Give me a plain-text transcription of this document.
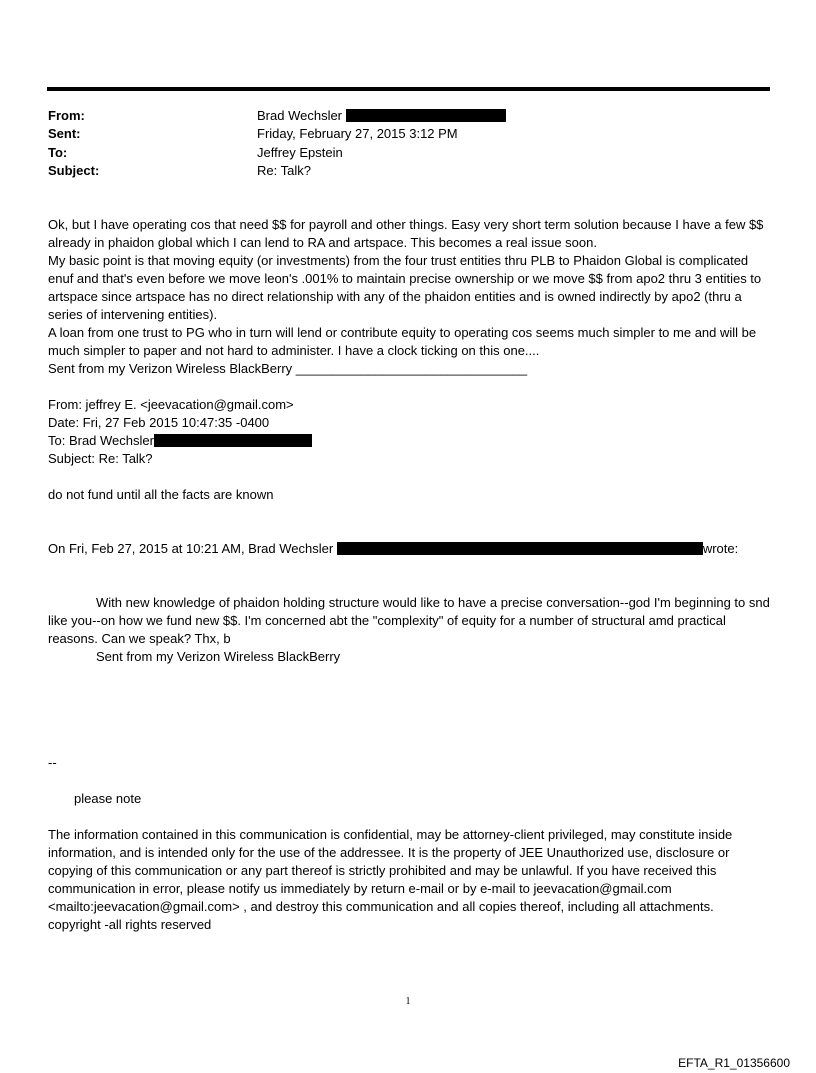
From:	Brad Wechsler
Sent:	Friday, February 27, 2015 3:12 PM
To:	Jeffrey Epstein
Subject:	Re: Talk?
Ok, but I have operating cos that need $$ for payroll and other things. Easy very short term solution because I have a few $$ already in phaidon global which I can lend to RA and artspace. This becomes a real issue soon.
My basic point is that moving equity (or investments) from the four trust entities thru PLB to Phaidon Global is complicated enuf and that's even before we move leon's .001% to maintain precise ownership or we move $$ from apo2 thru 3 entities to artspace since artspace has no direct relationship with any of the phaidon entities and is owned indirectly by apo2 (thru a series of intervening entities).
A loan from one trust to PG who in turn will lend or contribute equity to operating cos seems much simpler to me and will be much simpler to paper and not hard to administer. I have a clock ticking on this one....
Sent from my Verizon Wireless BlackBerry ________________________________
From: jeffrey E. <jeevacation@gmail.com>
Date: Fri, 27 Feb 2015 10:47:35 -0400
To: Brad Wechsler
Subject: Re: Talk?
do not fund until all the facts are known
On Fri, Feb 27, 2015 at 10:21 AM, Brad Wechsler	wrote:
With new knowledge of phaidon holding structure would like to have a precise conversation--god I'm beginning to snd like you--on how we fund new $$. I'm concerned abt the "complexity" of equity for a number of structural amd practical reasons. Can we speak? Thx, b
Sent from my Verizon Wireless BlackBerry
--
please note
The information contained in this communication is confidential, may be attorney-client privileged, may constitute inside information, and is intended only for the use of the addressee. It is the property of JEE Unauthorized use, disclosure or copying of this communication or any part thereof is strictly prohibited and may be unlawful. If you have received this communication in error, please notify us immediately by return e-mail or by e-mail to jeevacation@gmail.com <mailto:jeevacation@gmail.com> , and destroy this communication and all copies thereof, including all attachments. copyright -all rights reserved
1
EFTA_R1_01356600
